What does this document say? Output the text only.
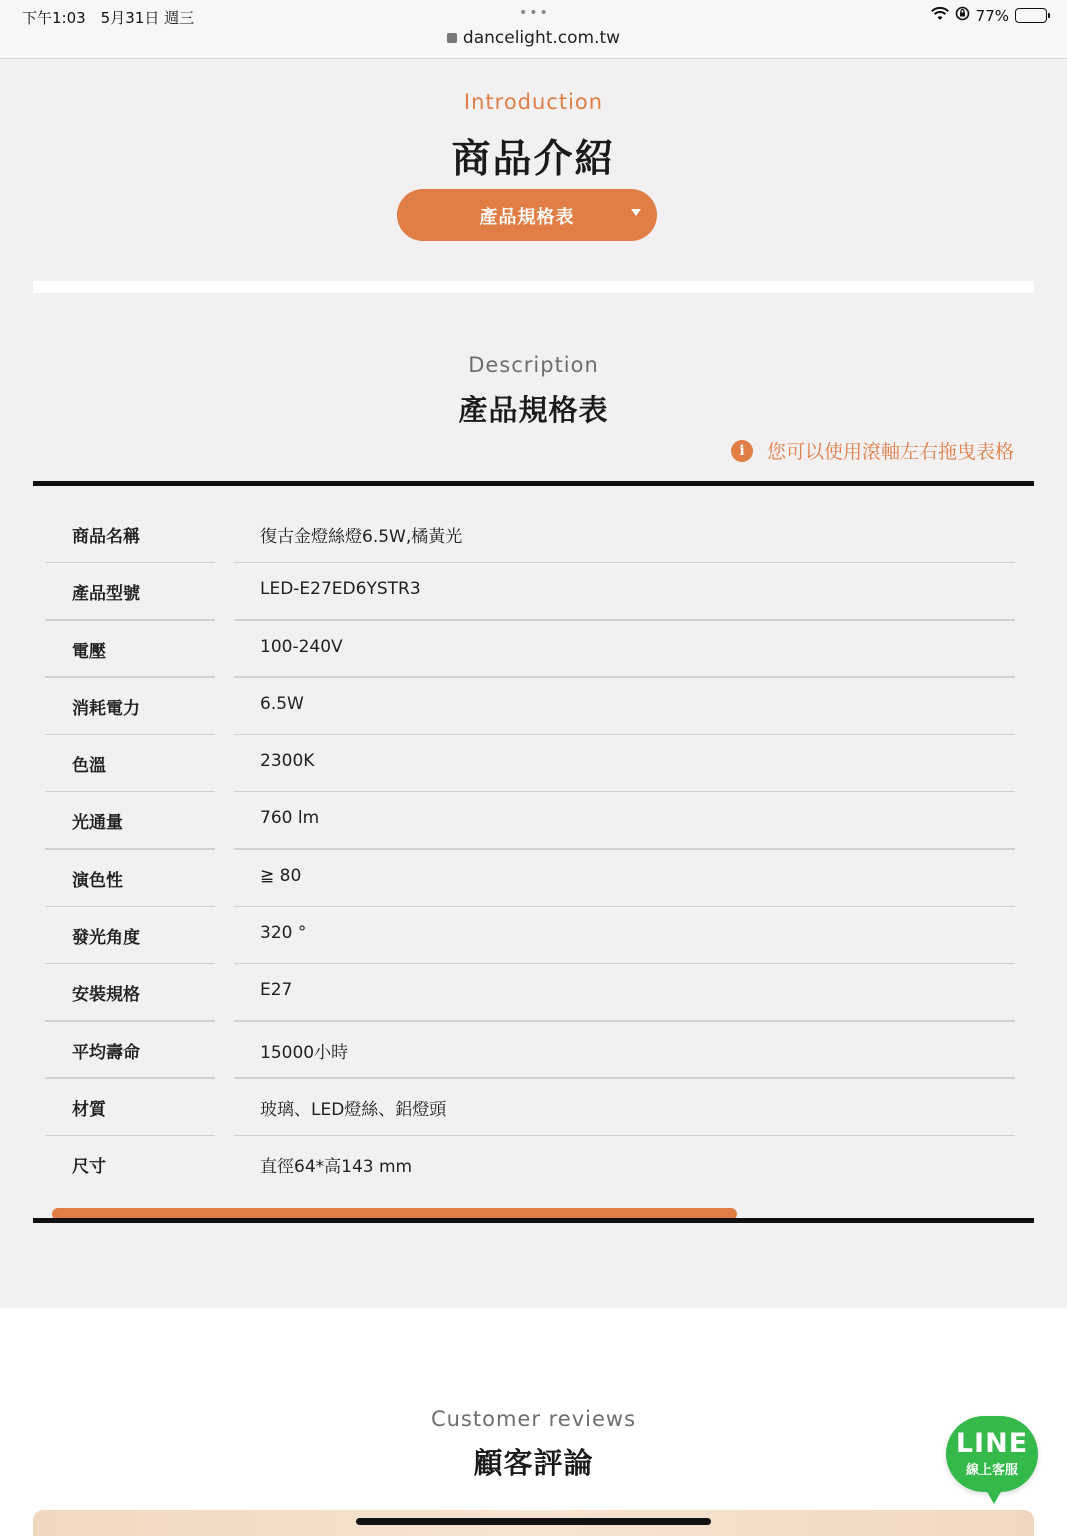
下午1:03　5月31日 週三	•••	77%
dancelight.com.tw
Introduction
商品介紹
產品規格表
Description
產品規格表
i	您可以使用滾軸左右拖曳表格
商品名稱	復古金燈絲燈6.5W,橘黃光
產品型號	LED-E27ED6YSTR3
電壓	100-240V
消耗電力	6.5W
色溫	2300K
光通量	760 lm
演色性	≧ 80
發光角度	320 °
安裝規格	E27
平均壽命	15000小時
材質	玻璃、LED燈絲、鋁燈頭
尺寸	直徑64*高143 mm
Customer reviews
顧客評論
LINE
線上客服
